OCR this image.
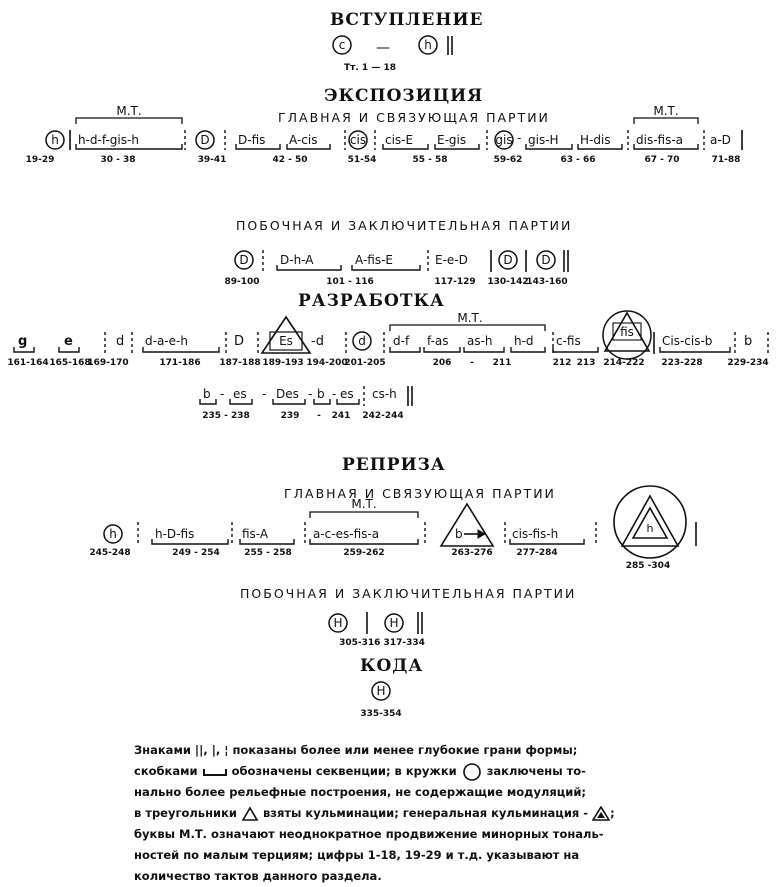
c —	h
Тт. 1 — 18
h
19-29
h-d-f-gis-h
30 - 38
D
39-41
D-fis A-cis
42 - 50
cis
51-54
cis-E E-gis
55 - 58
gis -
59-62
gis-H H-dis
63 - 66
dis-fis-a
67 - 70
a-D
71-88
М.Т.	М.Т.
D
89-100
D-h-A	A-fis-E
101 - 116
E-e-D
117-129
D
130-142
D
143-160
g
161-164
e
165-168
d
169-170
d-a-e-h
171-186
D
187-188
Es
189-193
-d
194-200
d
201-205
d-f f-as as-h h-d
206 - 211
М.Т.
c-fis
212 213
fis
214-222
Cis-cis-b
223-228
b
229-234
b - es - Des - b - es cs-h
235 - 238	239 - 241 242-244
h
245-248
h-D-fis
249 - 254
fis-A
255 - 258
a-c-es-fis-a
259-262
М.Т.
b
263-276
cis-fis-h
277-284
h
285 -304
H	H
305-316 317-334
H
335-354
ВСТУПЛЕНИЕ
ЭКСПОЗИЦИЯ
ГЛАВНАЯ И СВЯЗУЮЩАЯ ПАРТИИ
ПОБОЧНАЯ И ЗАКЛЮЧИТЕЛЬНАЯ ПАРТИИ
РАЗРАБОТКА
РЕПРИЗА
ГЛАВНАЯ И СВЯЗУЮЩАЯ ПАРТИИ
ПОБОЧНАЯ И ЗАКЛЮЧИТЕЛЬНАЯ ПАРТИИ
КОДА
Знаками ||, |, ¦ показаны более или менее глубокие грани формы;
скобками	обозначены секвенции; в кружки	заключены то-
нально более рельефные построения, не содержащие модуляций;
в треугольники взяты кульминации; генеральная кульминация - ;
буквы М.Т. означают неоднократное продвижение минорных тональ-
ностей по малым терциям; цифры 1-18, 19-29 и т.д. указывают на
количество тактов данного раздела.
